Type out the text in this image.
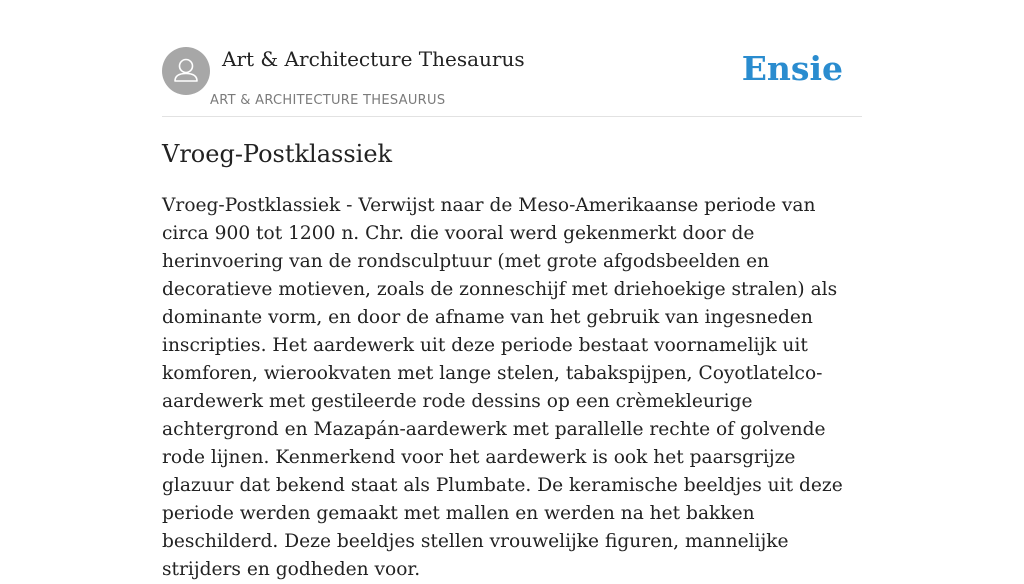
Art & Architecture Thesaurus
ART & ARCHITECTURE THESAURUS
Ensie
Vroeg-Postklassiek

Vroeg-Postklassiek - Verwijst naar de Meso-Amerikaanse periode van circa 900 tot 1200 n. Chr. die vooral werd gekenmerkt door de herinvoering van de rondsculptuur (met grote afgodsbeelden en decoratieve motieven, zoals de zonneschijf met driehoekige stralen) als dominante vorm, en door de afname van het gebruik van ingesneden inscripties. Het aardewerk uit deze periode bestaat voornamelijk uit komforen, wierookvaten met lange stelen, tabakspijpen, Coyotlatelco-aardewerk met gestileerde rode dessins op een crèmekleurige achtergrond en Mazapán-aardewerk met parallelle rechte of golvende rode lijnen. Kenmerkend voor het aardewerk is ook het paarsgrijze glazuur dat bekend staat als Plumbate. De keramische beeldjes uit deze periode werden gemaakt met mallen en werden na het bakken beschilderd. Deze beeldjes stellen vrouwelijke figuren, mannelijke strijders en godheden voor.
